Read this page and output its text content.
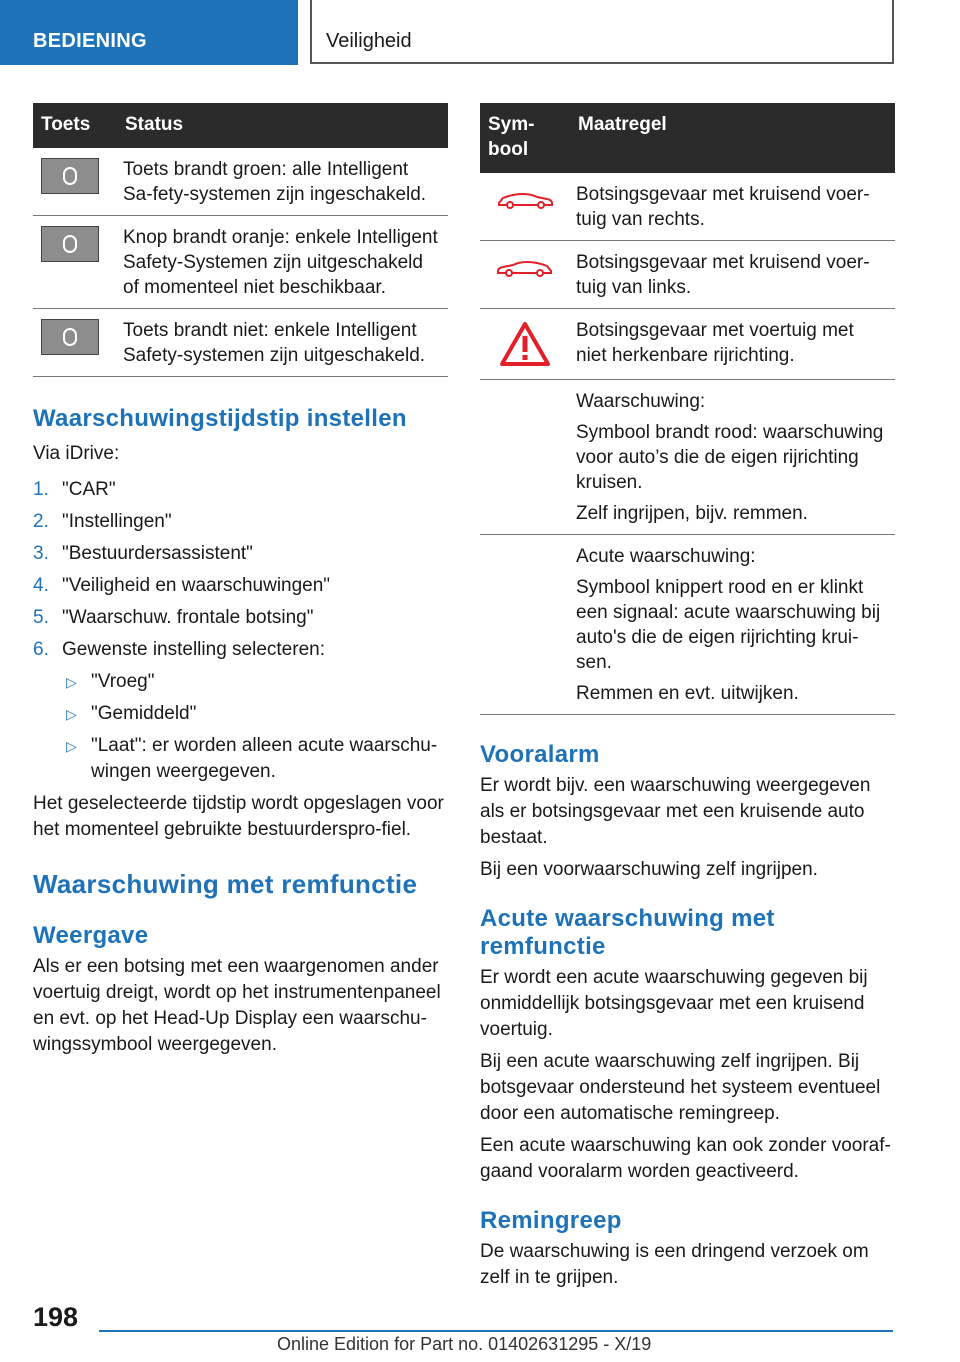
BEDIENING	Veiligheid
Toets	Status

	Toets brandt groen: alle Intelligent Sa-fety-systemen zijn ingeschakeld.

	Knop brandt oranje: enkele Intelligent Safety-Systemen zijn uitgeschakeld of momenteel niet beschikbaar.

	Toets brandt niet: enkele Intelligent Safety-systemen zijn uitgeschakeld.
Waarschuwingstijdstip instellen

Via iDrive:

1. "CAR"
2. "Instellingen"
3. "Bestuurdersassistent"
4. "Veiligheid en waarschuwingen"
5. "Waarschuw. frontale botsing"
6. Gewenste instelling selecteren:
▷ "Vroeg"
▷ "Gemiddeld"
▷ "Laat": er worden alleen acute waarschu-wingen weergegeven.

Het geselecteerde tijdstip wordt opgeslagen voor het momenteel gebruikte bestuurderspro-fiel.

Waarschuwing met remfunctie
Weergave

Als er een botsing met een waargenomen ander voertuig dreigt, wordt op het instrumentenpaneel en evt. op het Head-Up Display een waarschu-wingssymbool weergegeven.

Sym-bool	Maatregel

Botsingsgevaar met kruisend voer-tuig van rechts.

Botsingsgevaar met kruisend voer-tuig van links.

Botsingsgevaar met voertuig met niet herkenbare rijrichting.

	Waarschuwing:
Symbool brandt rood: waarschuwing voor auto’s die de eigen rijrichting kruisen.
Zelf ingrijpen, bijv. remmen.

	Acute waarschuwing:
Symbool knippert rood en er klinkt een signaal: acute waarschuwing bij auto's die de eigen rijrichting krui-sen.
Remmen en evt. uitwijken.
Vooralarm

Er wordt bijv. een waarschuwing weergegeven als er botsingsgevaar met een kruisende auto bestaat.

Bij een voorwaarschuwing zelf ingrijpen.

Acute waarschuwing met remfunctie

Er wordt een acute waarschuwing gegeven bij onmiddellijk botsingsgevaar met een kruisend voertuig.

Bij een acute waarschuwing zelf ingrijpen. Bij botsgevaar ondersteund het systeem eventueel door een automatische remingreep.

Een acute waarschuwing kan ook zonder vooraf-gaand vooralarm worden geactiveerd.

Remingreep

De waarschuwing is een dringend verzoek om zelf in te grijpen.

198
Online Edition for Part no. 01402631295 - X/19
